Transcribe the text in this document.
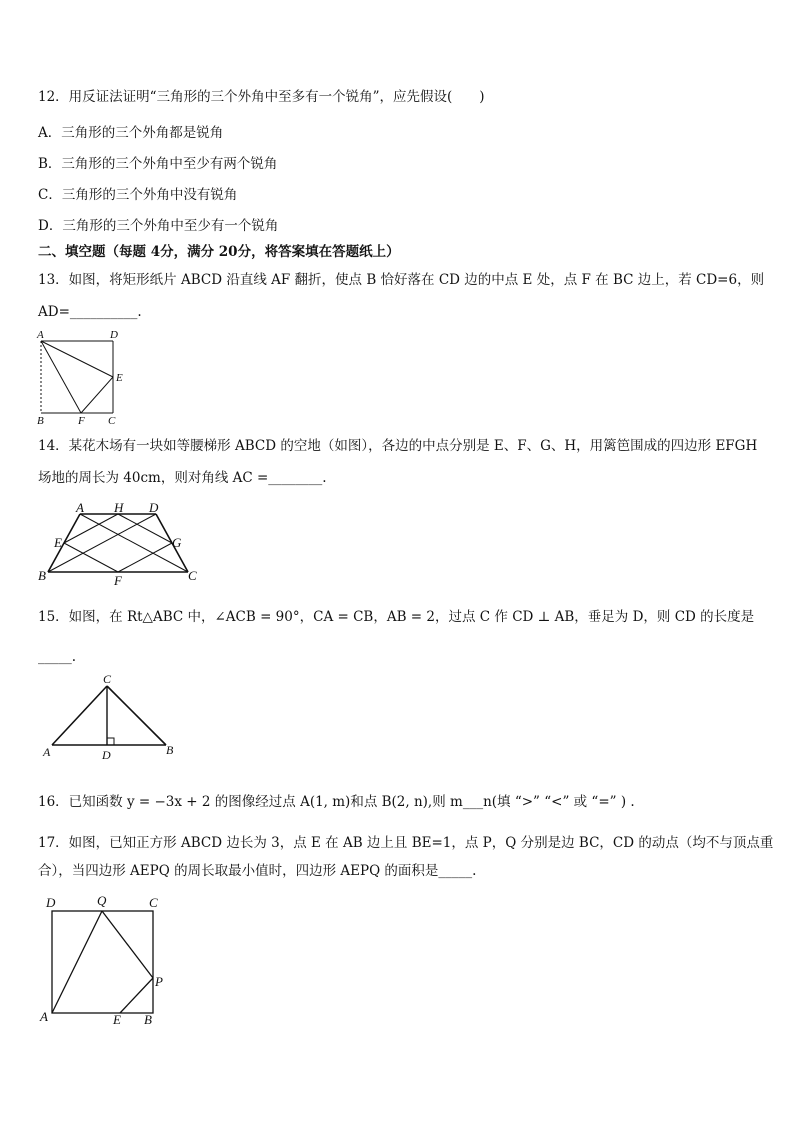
12．用反证法证明“三角形的三个外角中至多有一个锐角”，应先假设(　　)
A．三角形的三个外角都是锐角
B．三角形的三个外角中至少有两个锐角
C．三角形的三个外角中没有锐角
D．三角形的三个外角中至少有一个锐角
二、填空题（每题 4分，满分 20分，将答案填在答题纸上）
13．如图，将矩形纸片 ABCD 沿直线 AF 翻折，使点 B 恰好落在 CD 边的中点 E 处，点 F 在 BC 边上，若 CD=6，则
AD=__________.
A	D
E
B	F C
14．某花木场有一块如等腰梯形 ABCD 的空地（如图），各边的中点分别是 E、F、G、H，用篱笆围成的四边形 EFGH
场地的周长为 40cm，则对角线 AC =________.
A H D
E	G
B	F	C
15．如图，在 Rt△ABC 中，∠ACB = 90°，CA = CB，AB = 2，过点 C 作 CD ⊥ AB，垂足为 D，则 CD 的长度是
_____.
C
A	D	B
16．已知函数 y = −3x + 2 的图像经过点 A(1, m)和点 B(2, n),则 m___n(填 “>” “<” 或 “=” ) .
17．如图，已知正方形 ABCD 边长为 3，点 E 在 AB 边上且 BE=1，点 P，Q 分别是边 BC，CD 的动点（均不与顶点重
合），当四边形 AEPQ 的周长取最小值时，四边形 AEPQ 的面积是_____.
D	Q	C
P
A	E B
